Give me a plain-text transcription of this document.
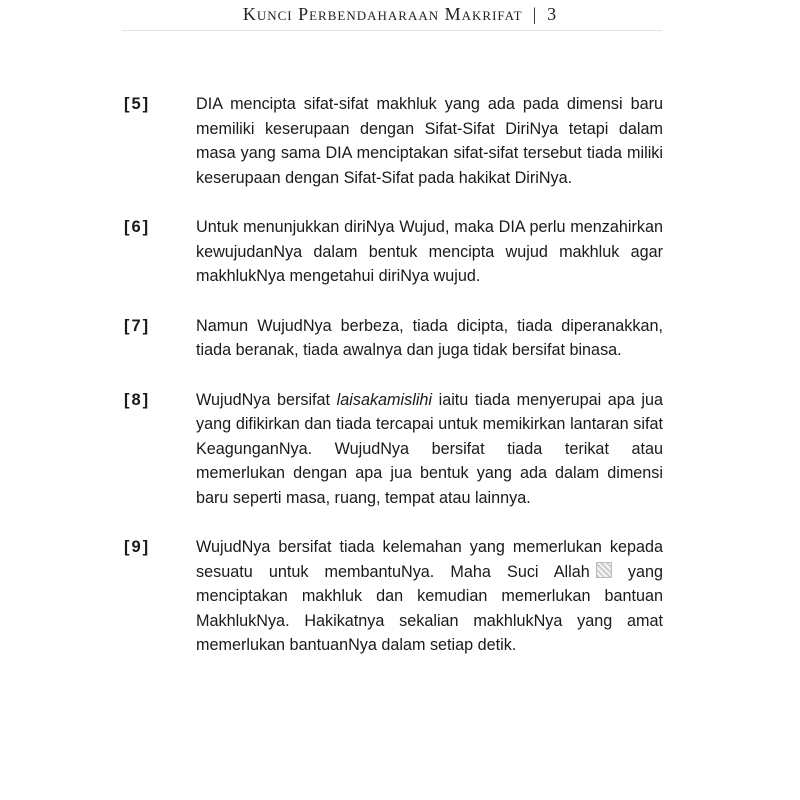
Kunci Perbendaharaan Makrifat | 3
[5]	DIA mencipta sifat-sifat makhluk yang ada pada dimensi baru memiliki keserupaan dengan Sifat-Sifat DiriNya tetapi dalam masa yang sama DIA menciptakan sifat-sifat tersebut tiada miliki keserupaan dengan Sifat-Sifat pada hakikat DiriNya.
[6]	Untuk menunjukkan diriNya Wujud, maka DIA perlu menzahirkan kewujudanNya dalam bentuk mencipta wujud makhluk agar makhlukNya mengetahui diriNya wujud.
[7]	Namun WujudNya berbeza, tiada dicipta, tiada diperanakkan, tiada beranak, tiada awalnya dan juga tidak bersifat binasa.
[8]	WujudNya bersifat laisakamislihi iaitu tiada menyerupai apa jua yang difikirkan dan tiada tercapai untuk memikirkan lantaran sifat KeagunganNya. WujudNya bersifat tiada terikat atau memerlukan dengan apa jua bentuk yang ada dalam dimensi baru seperti masa, ruang, tempat atau lainnya.
[9]	WujudNya bersifat tiada kelemahan yang memerlukan kepada sesuatu untuk membantuNya. Maha Suci Allah yang menciptakan makhluk dan kemudian memerlukan bantuan MakhlukNya. Hakikatnya sekalian makhlukNya yang amat memerlukan bantuanNya dalam setiap detik.
